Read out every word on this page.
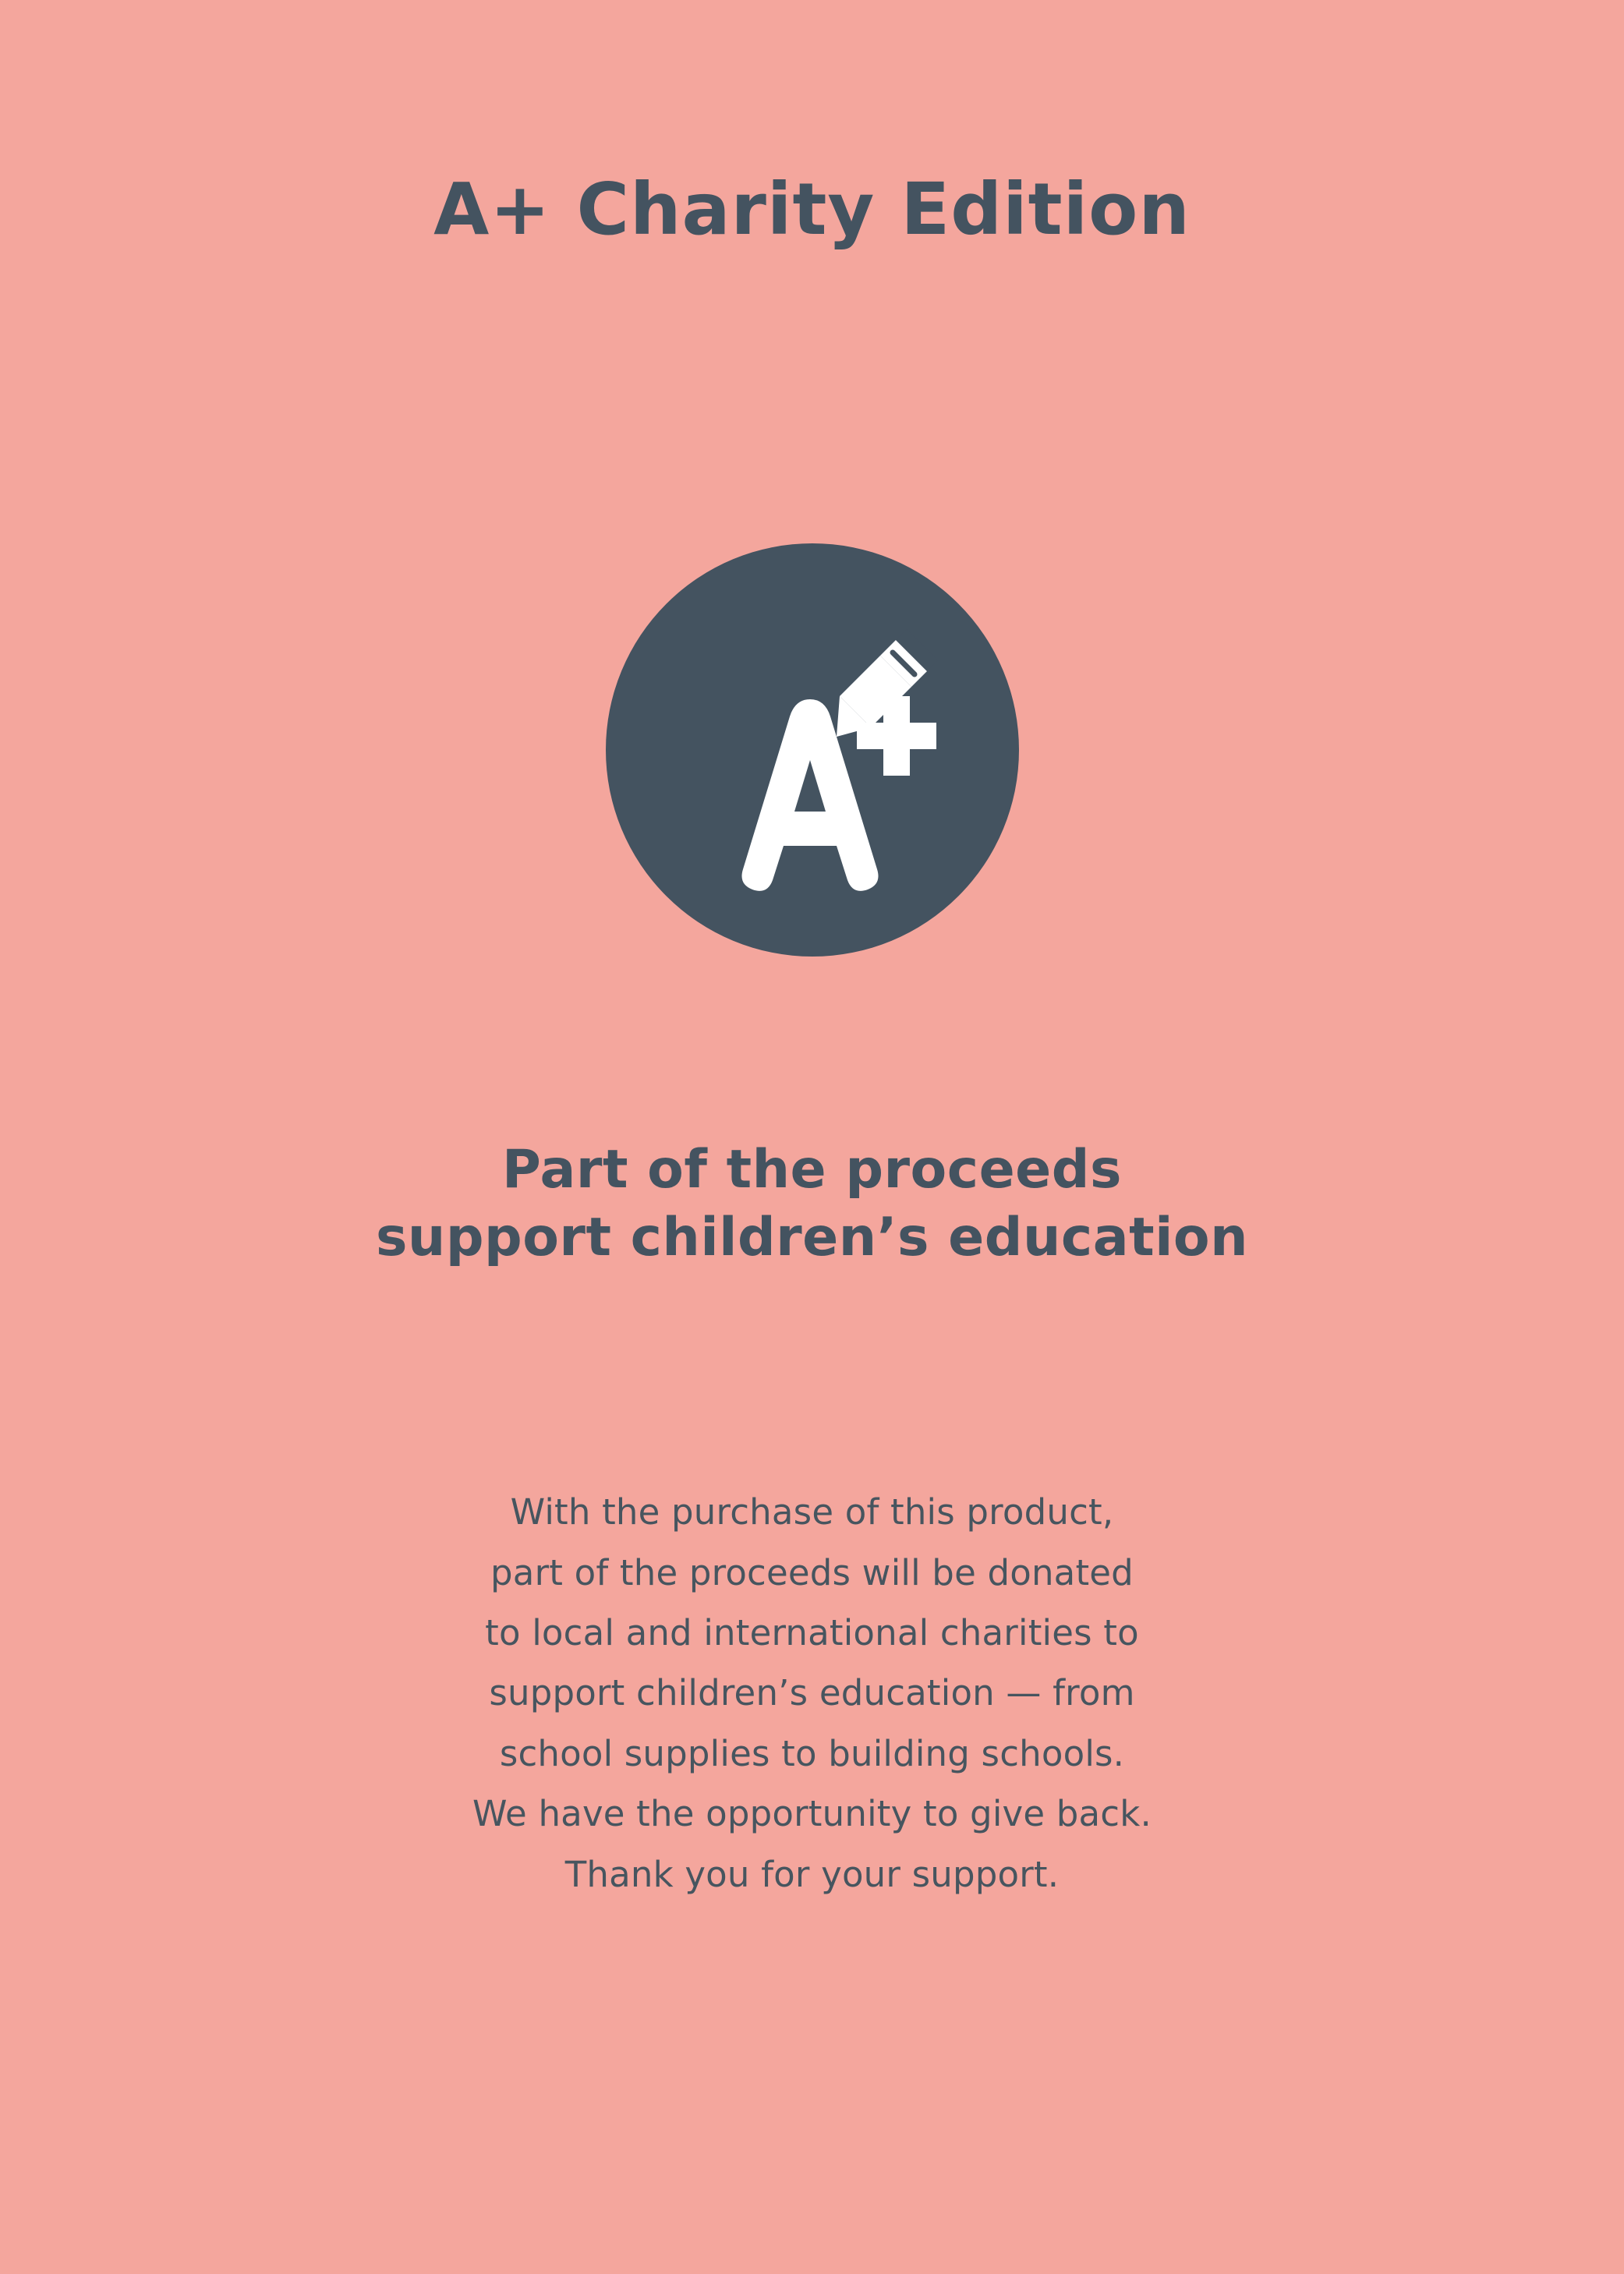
A+ Charity Edition
Part of the proceeds
support children’s education
With the purchase of this product,
part of the proceeds will be donated
to local and international charities to
support children’s education — from
school supplies to building schools.
We have the opportunity to give back.
Thank you for your support.
